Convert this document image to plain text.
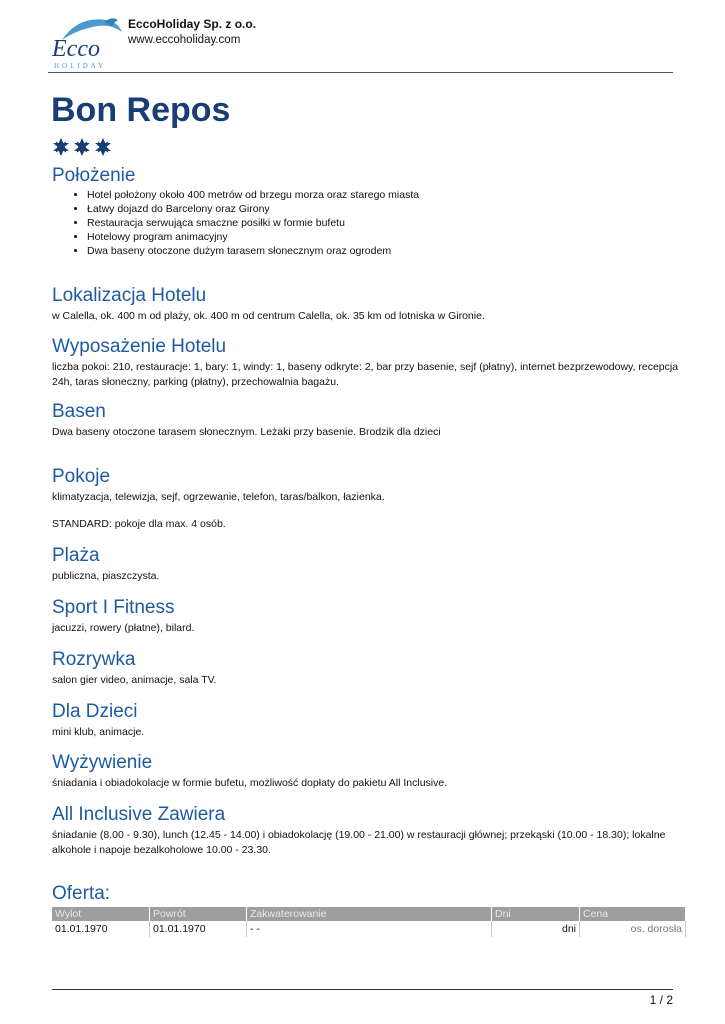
Ecco
HOLIDAY
EccoHoliday Sp. z o.o.
www.eccoholiday.com
Bon Repos
Położenie
• Hotel położony około 400 metrów od brzegu morza oraz starego miasta
• Łatwy dojazd do Barcelony oraz Girony
• Restauracja serwująca smaczne posiłki w formie bufetu
• Hotelowy program animacyjny
• Dwa baseny otoczone dużym tarasem słonecznym oraz ogrodem
Lokalizacja Hotelu

w Calella, ok. 400 m od plaży, ok. 400 m od centrum Calella, ok. 35 km od lotniska w Gironie.

Wyposażenie Hotelu

liczba pokoi: 210, restauracje: 1, bary: 1, windy: 1, baseny odkryte: 2, bar przy basenie, sejf (płatny), internet bezprzewodowy, recepcja 24h, taras słoneczny, parking (płatny), przechowalnia bagażu.

Basen

Dwa baseny otoczone tarasem słonecznym. Leżaki przy basenie. Brodzik dla dzieci

Pokoje

klimatyzacja, telewizja, sejf, ogrzewanie, telefon, taras/balkon, łazienka.

STANDARD: pokoje dla max. 4 osób.

Plaża

publiczna, piaszczysta.

Sport I Fitness

jacuzzi, rowery (płatne), bilard.

Rozrywka

salon gier video, animacje, sala TV.

Dla Dzieci

mini klub, animacje.

Wyżywienie

śniadania i obiadokolacje w formie bufetu, możliwość dopłaty do pakietu All Inclusive.

All Inclusive Zawiera

śniadanie (8.00 - 9.30), lunch (12.45 - 14.00) i obiadokolację (19.00 - 21.00) w restauracji głównej; przekąski (10.00 - 18.30); lokalne alkohole i napoje bezalkoholowe 10.00 - 23.30.

Oferta:
Wylot	Powrót	Zakwaterowanie	Dni	Cena
01.01.1970	01.01.1970	- -	dni	os. dorosła
1 / 2
